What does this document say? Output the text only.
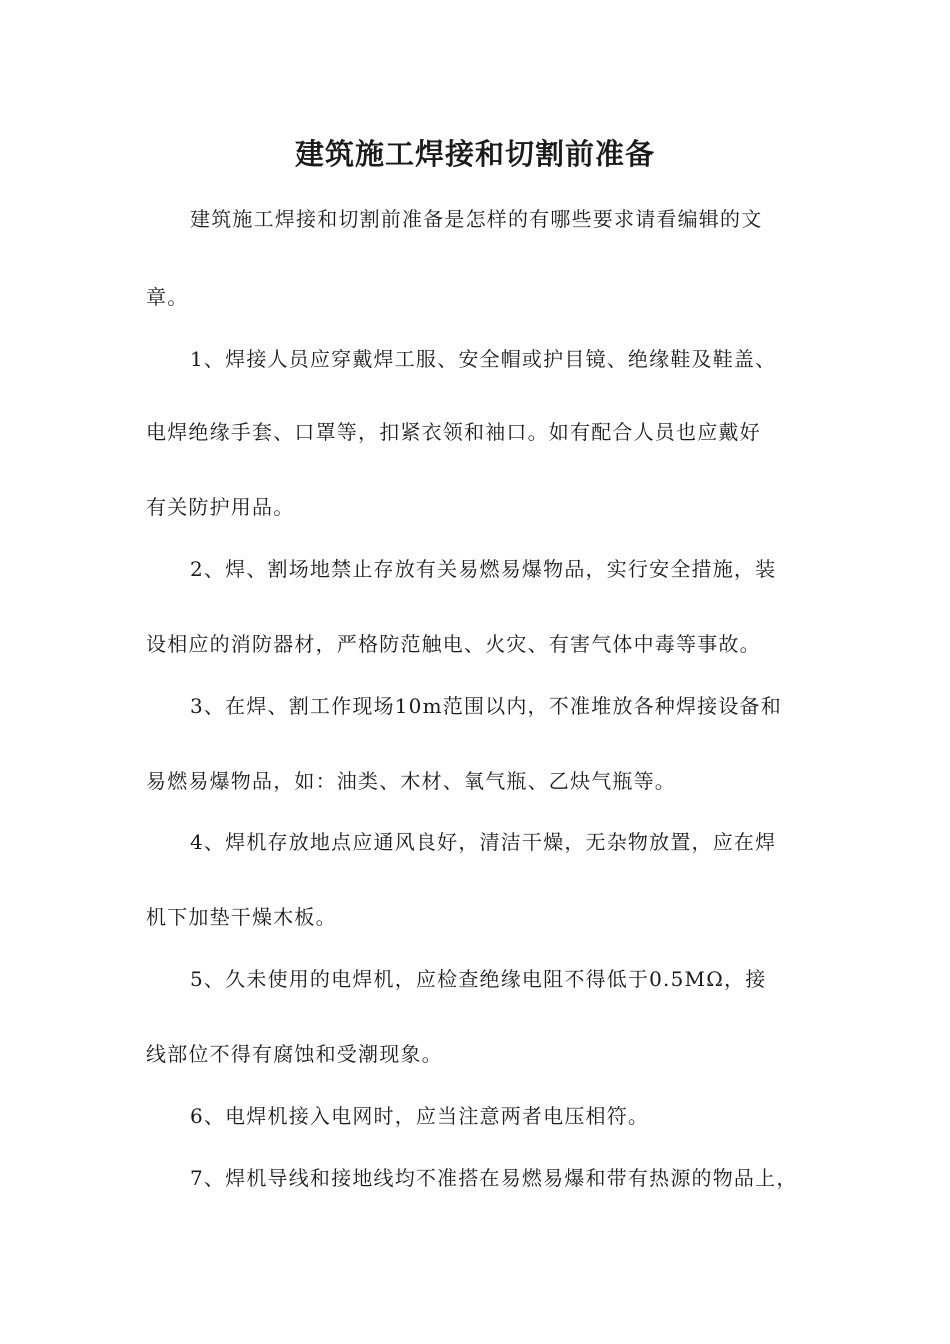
建筑施工焊接和切割前准备

建筑施工焊接和切割前准备是怎样的有哪些要求请看编辑的文

章。

1、焊接人员应穿戴焊工服、安全帽或护目镜、绝缘鞋及鞋盖、

电焊绝缘手套、口罩等，扣紧衣领和袖口。如有配合人员也应戴好

有关防护用品。

2、焊、割场地禁止存放有关易燃易爆物品，实行安全措施，装

设相应的消防器材，严格防范触电、火灾、有害气体中毒等事故。

3、在焊、割工作现场10m范围以内，不准堆放各种焊接设备和

易燃易爆物品，如：油类、木材、氧气瓶、乙炔气瓶等。

4、焊机存放地点应通风良好，清洁干燥，无杂物放置，应在焊

机下加垫干燥木板。

5、久未使用的电焊机，应检查绝缘电阻不得低于0.5MΩ，接

线部位不得有腐蚀和受潮现象。

6、电焊机接入电网时，应当注意两者电压相符。

7、焊机导线和接地线均不准搭在易燃易爆和带有热源的物品上，
